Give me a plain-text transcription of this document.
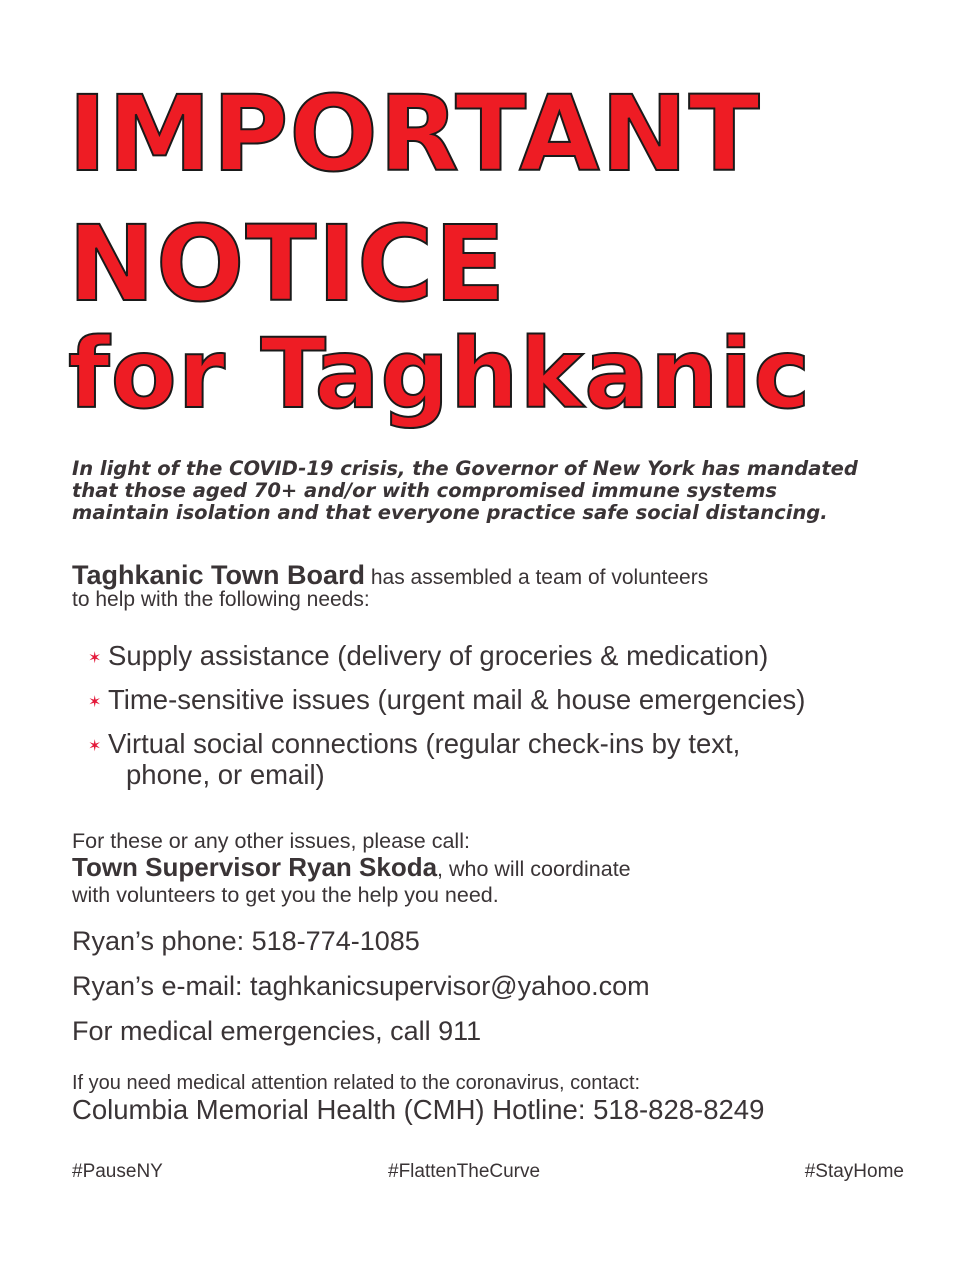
IMPORTANT
NOTICE
for Taghkanic
In light of the COVID-19 crisis, the Governor of New York has mandated
that those aged 70+ and/or with compromised immune systems
maintain isolation and that everyone practice safe social distancing.
Taghkanic Town Board has assembled a team of volunteers
to help with the following needs:
✶ Supply assistance (delivery of groceries & medication)
✶ Time-sensitive issues (urgent mail & house emergencies)
✶ Virtual social connections (regular check-ins by text,
phone, or email)
For these or any other issues, please call:
Town Supervisor Ryan Skoda, who will coordinate
with volunteers to get you the help you need.
Ryan’s phone: 518-774-1085
Ryan’s e-mail: taghkanicsupervisor@yahoo.com
For medical emergencies, call 911
If you need medical attention related to the coronavirus, contact:
Columbia Memorial Health (CMH) Hotline: 518-828-8249
#PauseNY	#FlattenTheCurve	#StayHome
